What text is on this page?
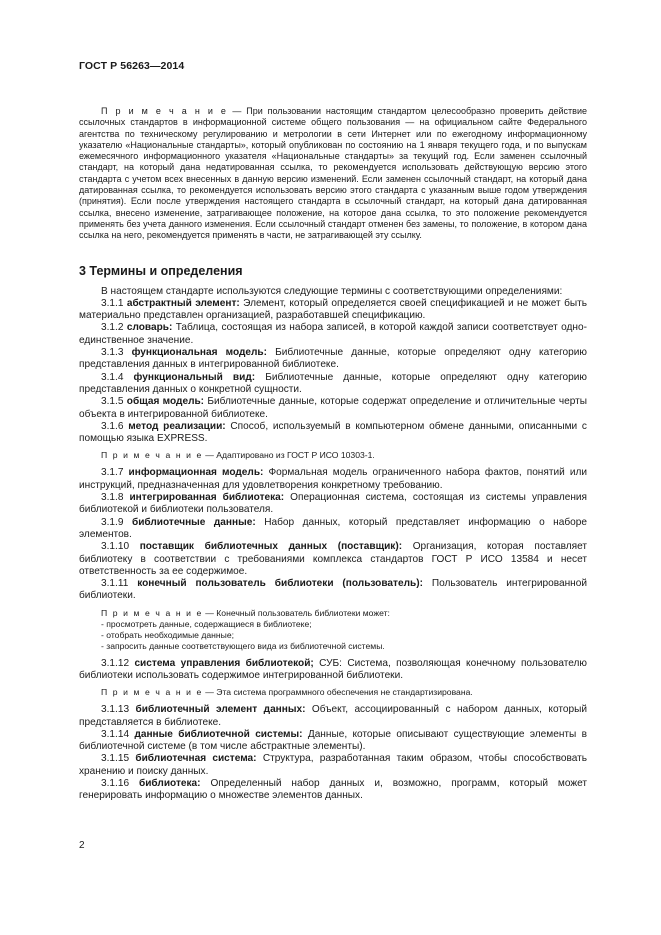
ГОСТ Р 56263—2014

П р и м е ч а н и е — При пользовании настоящим стандартом целесообразно проверить действие ссылочных стандартов в информационной системе общего пользования — на официальном сайте Федерального агентства по техническому регулированию и метрологии в сети Интернет или по ежегодному информационному указателю «Национальные стандарты», который опубликован по состоянию на 1 января текущего года, и по выпускам ежемесячного информационного указателя «Национальные стандарты» за текущий год. Если заменен ссылочный стандарт, на который дана недатированная ссылка, то рекомендуется использовать действующую версию этого стандарта с учетом всех внесенных в данную версию изменений. Если заменен ссылочный стандарт, на который дана датированная ссылка, то рекомендуется использовать версию этого стандарта с указанным выше годом утверждения (принятия). Если после утверждения настоящего стандарта в ссылочный стандарт, на который дана датированная ссылка, внесено изменение, затрагивающее положение, на которое дана ссылка, то это положение рекомендуется применять без учета данного изменения. Если ссылочный стандарт отменен без замены, то положение, в котором дана ссылка на него, рекомендуется применять в части, не затрагивающей эту ссылку.

3 Термины и определения

В настоящем стандарте используются следующие термины с соответствующими определениями:

3.1.1 абстрактный элемент: Элемент, который определяется своей спецификацией и не может быть материально представлен организацией, разработавшей спецификацию.

3.1.2 словарь: Таблица, состоящая из набора записей, в которой каждой записи соответствует одно-единственное значение.

3.1.3 функциональная модель: Библиотечные данные, которые определяют одну категорию представления данных в интегрированной библиотеке.

3.1.4 функциональный вид: Библиотечные данные, которые определяют одну категорию представления данных о конкретной сущности.

3.1.5 общая модель: Библиотечные данные, которые содержат определение и отличительные черты объекта в интегрированной библиотеке.

3.1.6 метод реализации: Способ, используемый в компьютерном обмене данными, описанными с помощью языка EXPRESS.

П р и м е ч а н и е — Адаптировано из ГОСТ Р ИСО 10303-1.

3.1.7 информационная модель: Формальная модель ограниченного набора фактов, понятий или инструкций, предназначенная для удовлетворения конкретному требованию.

3.1.8 интегрированная библиотека: Операционная система, состоящая из системы управления библиотекой и библиотеки пользователя.

3.1.9 библиотечные данные: Набор данных, который представляет информацию о наборе элементов.

3.1.10 поставщик библиотечных данных (поставщик): Организация, которая поставляет библиотеку в соответствии с требованиями комплекса стандартов ГОСТ Р ИСО 13584 и несет ответственность за ее содержимое.

3.1.11 конечный пользователь библиотеки (пользователь): Пользователь интегрированной библиотеки.

П р и м е ч а н и е — Конечный пользователь библиотеки может:
- просмотреть данные, содержащиеся в библиотеке;
- отобрать необходимые данные;
- запросить данные соответствующего вида из библиотечной системы.

3.1.12 система управления библиотекой; СУБ: Система, позволяющая конечному пользователю библиотеки использовать содержимое интегрированной библиотеки.

П р и м е ч а н и е — Эта система программного обеспечения не стандартизирована.

3.1.13 библиотечный элемент данных: Объект, ассоциированный с набором данных, который представляется в библиотеке.

3.1.14 данные библиотечной системы: Данные, которые описывают существующие элементы в библиотечной системе (в том числе абстрактные элементы).

3.1.15 библиотечная система: Структура, разработанная таким образом, чтобы способствовать хранению и поиску данных.

3.1.16 библиотека: Определенный набор данных и, возможно, программ, который может генерировать информацию о множестве элементов данных.

2
